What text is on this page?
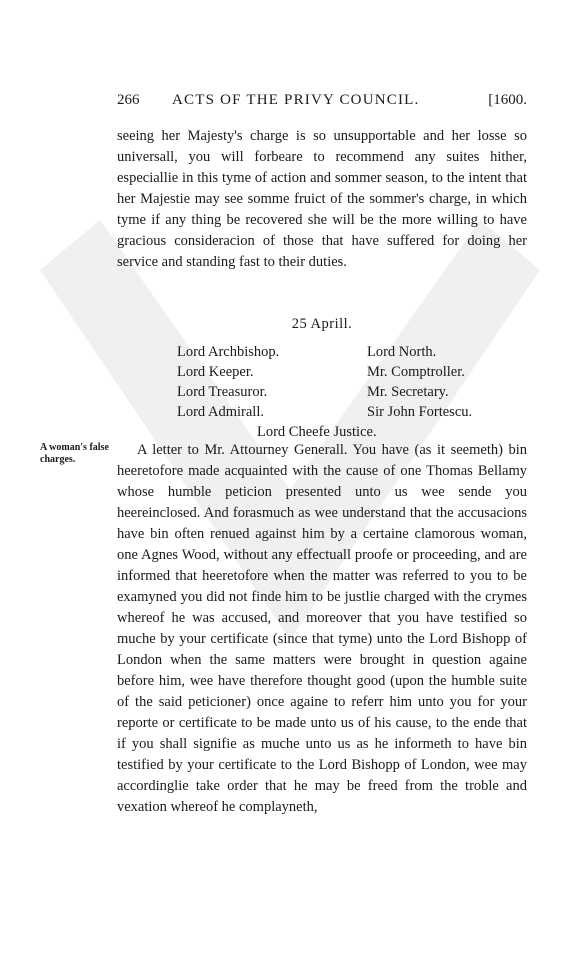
266 ACTS OF THE PRIVY COUNCIL.	[1600.
seeing her Majesty's charge is so unsupportable and her losse so universall, you will forbeare to recommend any suites hither, especiallie in this tyme of action and sommer season, to the intent that her Majestie may see somme fruict of the sommer's charge, in which tyme if any thing be recovered she will be the more willing to have gracious consideracion of those that have suffered for doing her service and standing fast to their duties.
25 Aprill.
Lord Archbishop.	Lord North.
Lord Keeper.	Mr. Comptroller.
Lord Treasuror.	Mr. Secretary.
Lord Admirall.	Sir John Fortescu.
Lord Cheefe Justice.
A woman's false charges.
A letter to Mr. Attourney Generall. You have (as it seemeth) bin heeretofore made acquainted with the cause of one Thomas Bellamy whose humble peticion presented unto us wee sende you heereinclosed. And forasmuch as wee understand that the accusacions have bin often renued against him by a certaine clamorous woman, one Agnes Wood, without any effectuall proofe or proceeding, and are informed that heeretofore when the matter was referred to you to be examyned you did not finde him to be justlie charged with the crymes whereof he was accused, and moreover that you have testified so muche by your certificate (since that tyme) unto the Lord Bishopp of London when the same matters were brought in question againe before him, wee have therefore thought good (upon the humble suite of the said peticioner) once againe to referr him unto you for your reporte or certificate to be made unto us of his cause, to the ende that if you shall signifie as muche unto us as he informeth to have bin testified by your certificate to the Lord Bishopp of London, wee may accordinglie take order that he may be freed from the troble and vexation whereof he complayneth,
